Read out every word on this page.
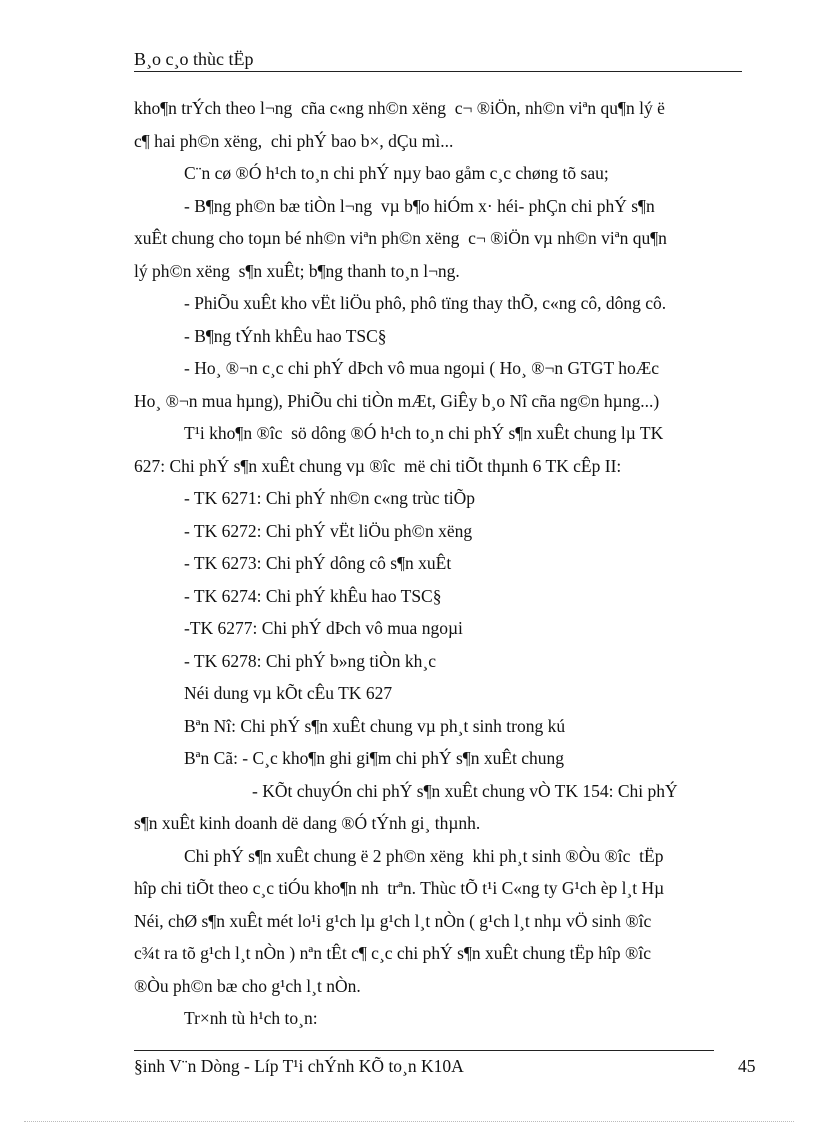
B¸o c¸o thùc tËp
kho¶n trÝch theo l¬ng  cña c«ng nh©n xëng  c¬ ®iÖn, nh©n viªn qu¶n lý ë
c¶ hai ph©n xëng,  chi phÝ bao b×, dÇu mì...
C¨n cø ®Ó h¹ch to¸n chi phÝ nµy bao gåm c¸c chøng tõ sau;
- B¶ng ph©n bæ tiÒn l¬ng  vµ b¶o hiÓm x· héi- phÇn chi phÝ s¶n
xuÊt chung cho toµn bé nh©n viªn ph©n xëng  c¬ ®iÖn vµ nh©n viªn qu¶n
lý ph©n xëng  s¶n xuÊt; b¶ng thanh to¸n l¬ng.
- PhiÕu xuÊt kho vËt liÖu phô, phô tïng thay thÕ, c«ng cô, dông cô.
- B¶ng tÝnh khÊu hao TSC§
- Ho¸ ®¬n c¸c chi phÝ dÞch vô mua ngoµi ( Ho¸ ®¬n GTGT hoÆc
Ho¸ ®¬n mua hµng), PhiÕu chi tiÒn mÆt, GiÊy b¸o Nî cña ng©n hµng...)
T¹i kho¶n ®îc  sö dông ®Ó h¹ch to¸n chi phÝ s¶n xuÊt chung lµ TK
627: Chi phÝ s¶n xuÊt chung vµ ®îc  më chi tiÕt thµnh 6 TK cÊp II:
- TK 6271: Chi phÝ nh©n c«ng trùc tiÕp
- TK 6272: Chi phÝ vËt liÖu ph©n xëng
- TK 6273: Chi phÝ dông cô s¶n xuÊt
- TK 6274: Chi phÝ khÊu hao TSC§
-TK 6277: Chi phÝ dÞch vô mua ngoµi
- TK 6278: Chi phÝ b»ng tiÒn kh¸c
Néi dung vµ kÕt cÊu TK 627
Bªn Nî: Chi phÝ s¶n xuÊt chung vµ ph¸t sinh trong kú
Bªn Cã: - C¸c kho¶n ghi gi¶m chi phÝ s¶n xuÊt chung
- KÕt chuyÓn chi phÝ s¶n xuÊt chung vÒ TK 154: Chi phÝ
s¶n xuÊt kinh doanh dë dang ®Ó tÝnh gi¸ thµnh.
Chi phÝ s¶n xuÊt chung ë 2 ph©n xëng  khi ph¸t sinh ®Òu ®îc  tËp
hîp chi tiÕt theo c¸c tiÓu kho¶n nh  trªn. Thùc tÕ t¹i C«ng ty G¹ch èp l¸t Hµ
Néi, chØ s¶n xuÊt mét lo¹i g¹ch lµ g¹ch l¸t nÒn ( g¹ch l¸t nhµ vÖ sinh ®îc
c¾t ra tõ g¹ch l¸t nÒn ) nªn tÊt c¶ c¸c chi phÝ s¶n xuÊt chung tËp hîp ®îc
®Òu ph©n bæ cho g¹ch l¸t nÒn.
Tr×nh tù h¹ch to¸n:
§inh V¨n Dòng - Líp T¹i chÝnh KÕ to¸n K10A	45
